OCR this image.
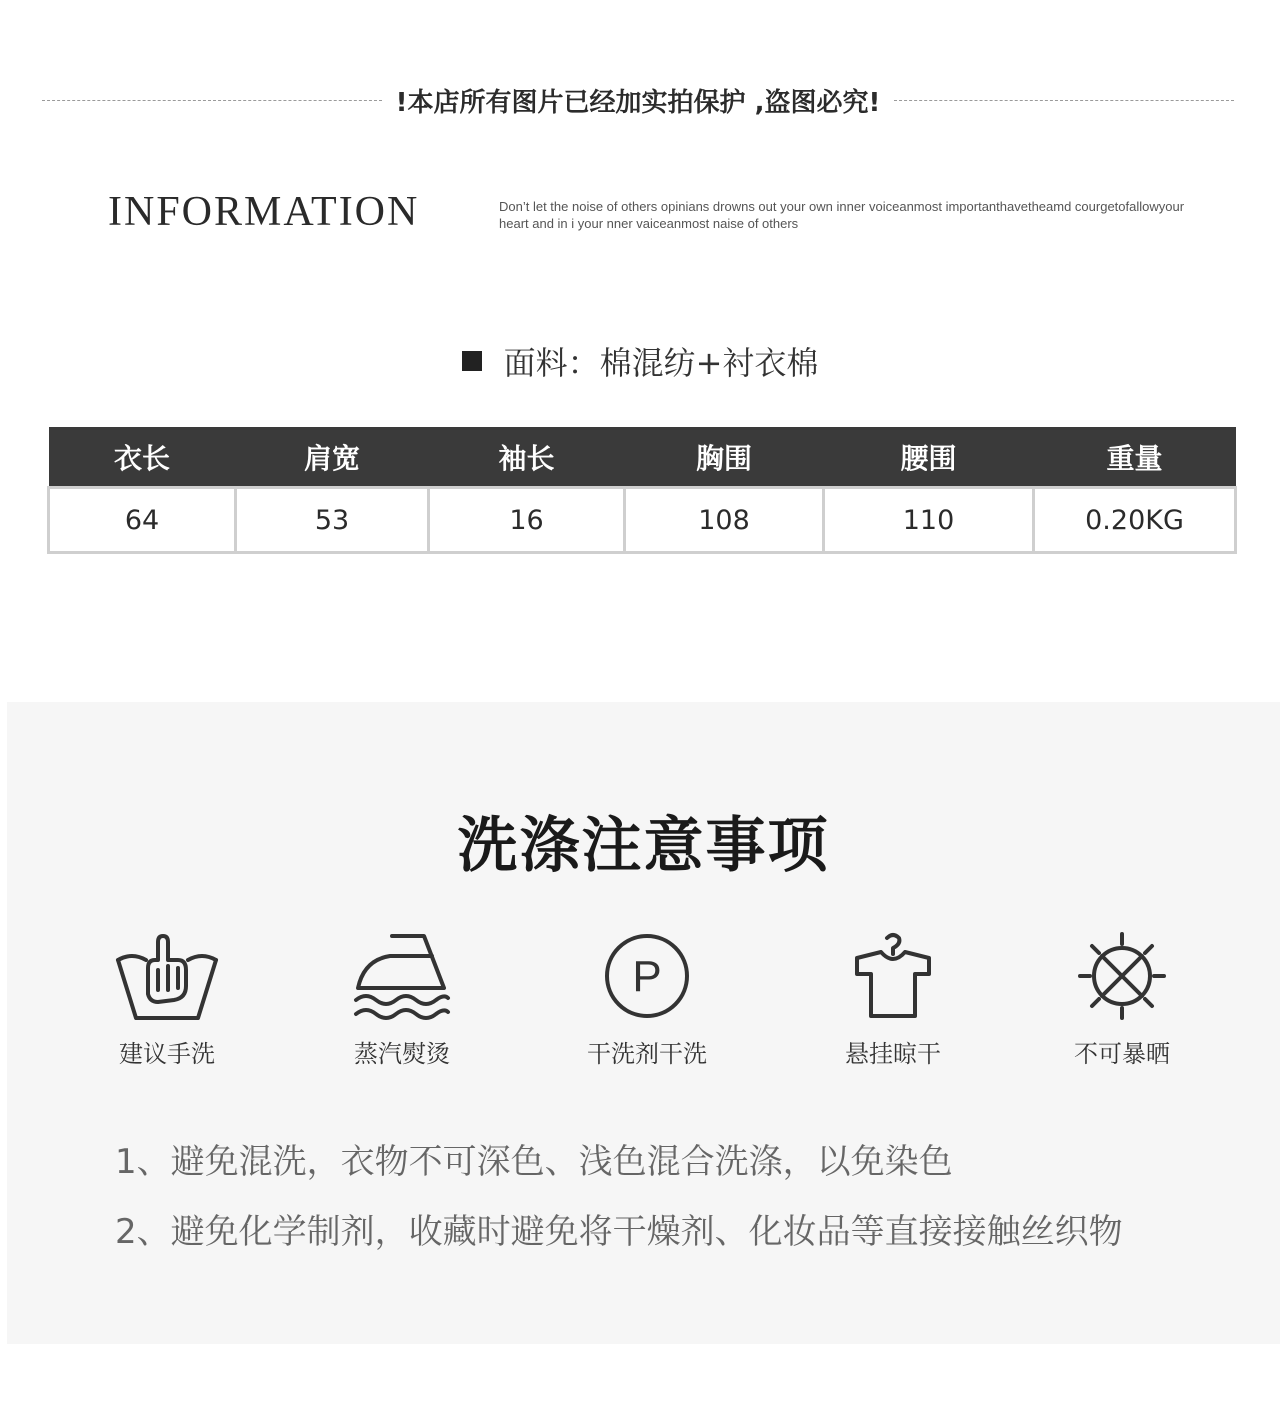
!本店所有图片已经加实拍保护 ,盗图必究!
INFORMATION	Don’t let the noise of others opinians drowns out your own inner voiceanmost importanthavetheamd courgetofallowyour heart and in i your nner vaiceanmost naise of others
面料：棉混纺+衬衣棉
衣长	肩宽	袖长	胸围	腰围	重量
64	53	16	108	110	0.20KG
洗涤注意事项
建议手洗	蒸汽熨烫
P
干洗剂干洗	悬挂晾干	不可暴晒
1、避免混洗，衣物不可深色、浅色混合洗涤，以免染色
2、避免化学制剂，收藏时避免将干燥剂、化妆品等直接接触丝织物
